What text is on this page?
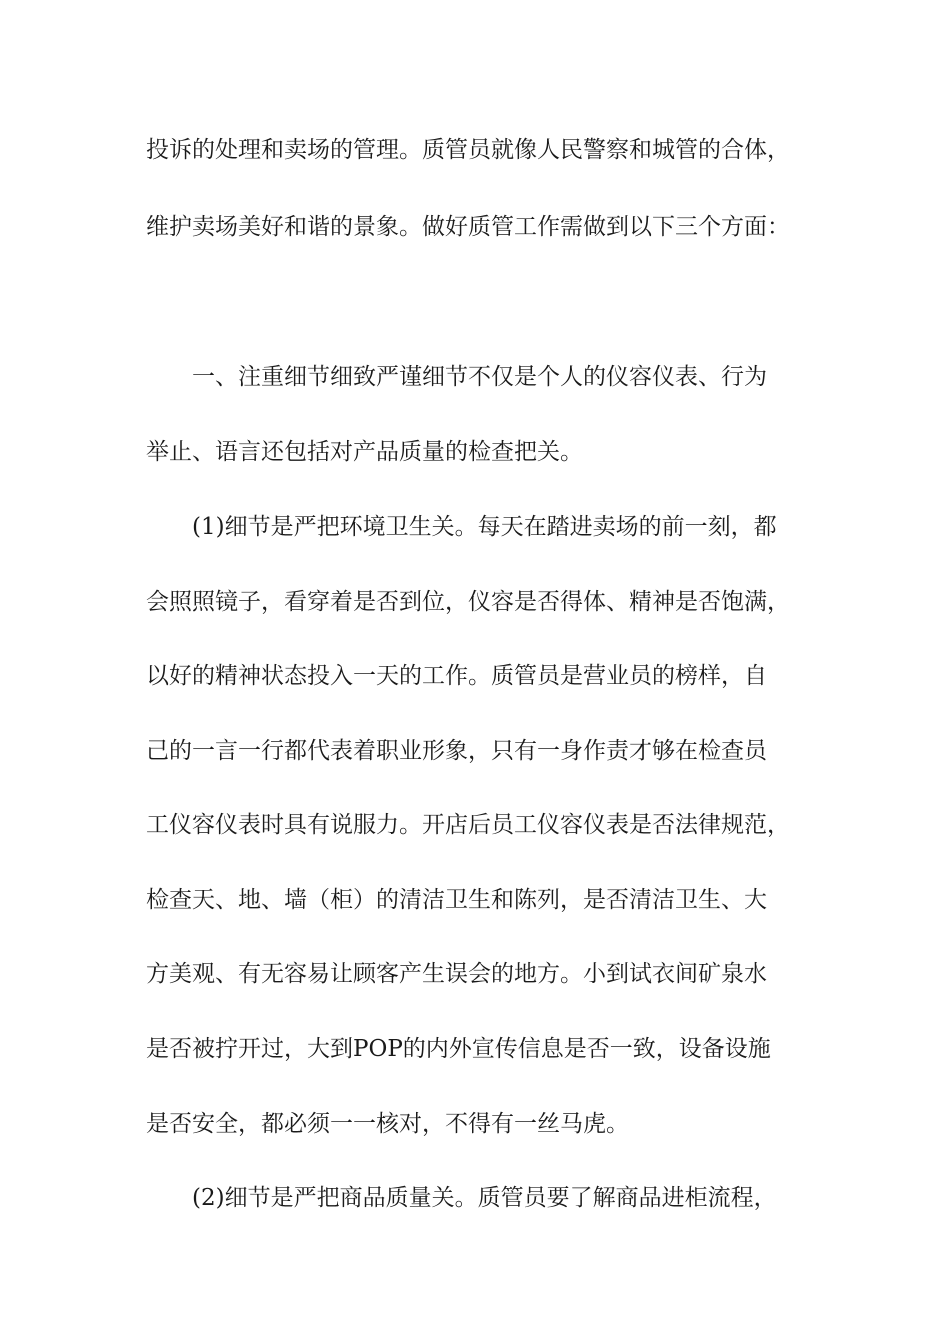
投诉的处理和卖场的管理。质管员就像人民警察和城管的合体，
维护卖场美好和谐的景象。做好质管工作需做到以下三个方面：
一、注重细节细致严谨细节不仅是个人的仪容仪表、行为
举止、语言还包括对产品质量的检查把关。
(1)细节是严把环境卫生关。每天在踏进卖场的前一刻，都
会照照镜子，看穿着是否到位，仪容是否得体、精神是否饱满，
以好的精神状态投入一天的工作。质管员是营业员的榜样，自
己的一言一行都代表着职业形象，只有一身作责才够在检查员
工仪容仪表时具有说服力。开店后员工仪容仪表是否法律规范，
检查天、地、墙（柜）的清洁卫生和陈列，是否清洁卫生、大
方美观、有无容易让顾客产生误会的地方。小到试衣间矿泉水
是否被拧开过，大到POP的内外宣传信息是否一致，设备设施
是否安全，都必须一一核对，不得有一丝马虎。
(2)细节是严把商品质量关。质管员要了解商品进柜流程，
